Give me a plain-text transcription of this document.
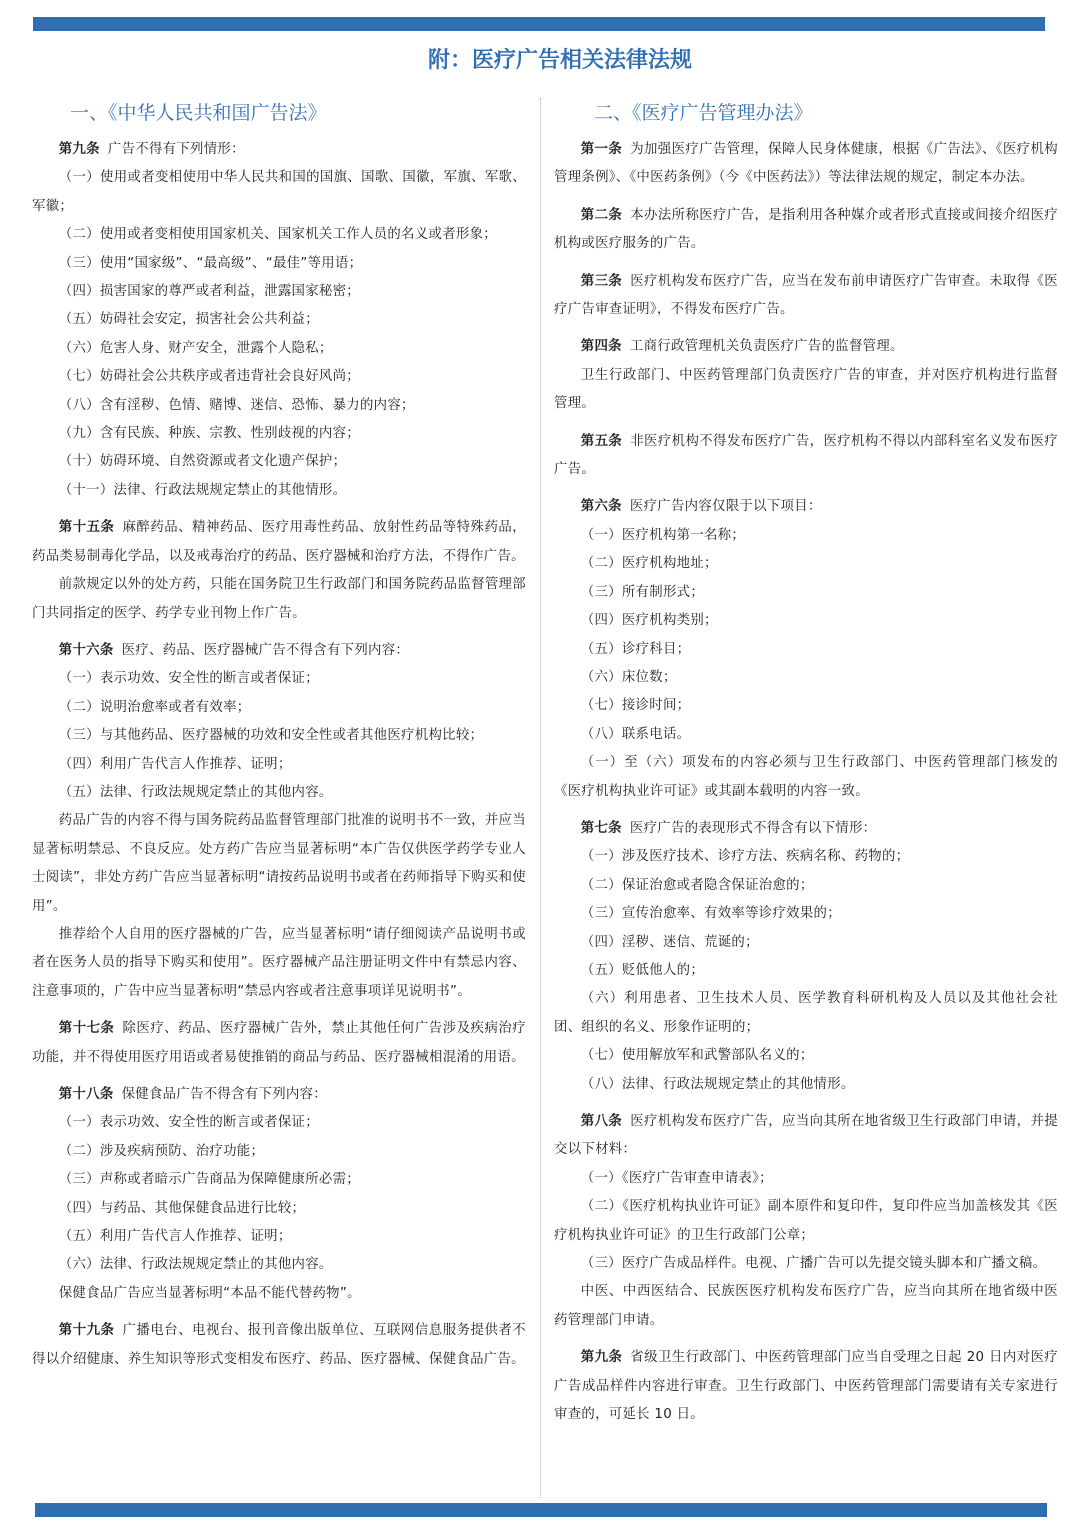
附：医疗广告相关法律法规
一、《中华人民共和国广告法》

第九条 广告不得有下列情形：

（一）使用或者变相使用中华人民共和国的国旗、国歌、国徽，军旗、军歌、军徽；

（二）使用或者变相使用国家机关、国家机关工作人员的名义或者形象；

（三）使用“国家级”、“最高级”、“最佳”等用语；

（四）损害国家的尊严或者利益，泄露国家秘密；

（五）妨碍社会安定，损害社会公共利益；

（六）危害人身、财产安全，泄露个人隐私；

（七）妨碍社会公共秩序或者违背社会良好风尚；

（八）含有淫秽、色情、赌博、迷信、恐怖、暴力的内容；

（九）含有民族、种族、宗教、性别歧视的内容；

（十）妨碍环境、自然资源或者文化遗产保护；

（十一）法律、行政法规规定禁止的其他情形。

第十五条 麻醉药品、精神药品、医疗用毒性药品、放射性药品等特殊药品，药品类易制毒化学品，以及戒毒治疗的药品、医疗器械和治疗方法，不得作广告。

前款规定以外的处方药，只能在国务院卫生行政部门和国务院药品监督管理部门共同指定的医学、药学专业刊物上作广告。

第十六条 医疗、药品、医疗器械广告不得含有下列内容：

（一）表示功效、安全性的断言或者保证；

（二）说明治愈率或者有效率；

（三）与其他药品、医疗器械的功效和安全性或者其他医疗机构比较；

（四）利用广告代言人作推荐、证明；

（五）法律、行政法规规定禁止的其他内容。

药品广告的内容不得与国务院药品监督管理部门批准的说明书不一致，并应当显著标明禁忌、不良反应。处方药广告应当显著标明“本广告仅供医学药学专业人士阅读”，非处方药广告应当显著标明“请按药品说明书或者在药师指导下购买和使用”。

推荐给个人自用的医疗器械的广告，应当显著标明“请仔细阅读产品说明书或者在医务人员的指导下购买和使用”。医疗器械产品注册证明文件中有禁忌内容、注意事项的，广告中应当显著标明“禁忌内容或者注意事项详见说明书”。

第十七条 除医疗、药品、医疗器械广告外，禁止其他任何广告涉及疾病治疗功能，并不得使用医疗用语或者易使推销的商品与药品、医疗器械相混淆的用语。

第十八条 保健食品广告不得含有下列内容：

（一）表示功效、安全性的断言或者保证；

（二）涉及疾病预防、治疗功能；

（三）声称或者暗示广告商品为保障健康所必需；

（四）与药品、其他保健食品进行比较；

（五）利用广告代言人作推荐、证明；

（六）法律、行政法规规定禁止的其他内容。

保健食品广告应当显著标明“本品不能代替药物”。

第十九条 广播电台、电视台、报刊音像出版单位、互联网信息服务提供者不得以介绍健康、养生知识等形式变相发布医疗、药品、医疗器械、保健食品广告。

二、《医疗广告管理办法》

第一条 为加强医疗广告管理，保障人民身体健康，根据《广告法》、《医疗机构管理条例》、《中医药条例》（今《中医药法》）等法律法规的规定，制定本办法。

第二条 本办法所称医疗广告，是指利用各种媒介或者形式直接或间接介绍医疗机构或医疗服务的广告。

第三条 医疗机构发布医疗广告，应当在发布前申请医疗广告审查。未取得《医疗广告审查证明》，不得发布医疗广告。

第四条 工商行政管理机关负责医疗广告的监督管理。

卫生行政部门、中医药管理部门负责医疗广告的审查，并对医疗机构进行监督管理。

第五条 非医疗机构不得发布医疗广告，医疗机构不得以内部科室名义发布医疗广告。

第六条 医疗广告内容仅限于以下项目：

（一）医疗机构第一名称；

（二）医疗机构地址；

（三）所有制形式；

（四）医疗机构类别；

（五）诊疗科目；

（六）床位数；

（七）接诊时间；

（八）联系电话。

（一）至（六）项发布的内容必须与卫生行政部门、中医药管理部门核发的《医疗机构执业许可证》或其副本载明的内容一致。

第七条 医疗广告的表现形式不得含有以下情形：

（一）涉及医疗技术、诊疗方法、疾病名称、药物的；

（二）保证治愈或者隐含保证治愈的；

（三）宣传治愈率、有效率等诊疗效果的；

（四）淫秽、迷信、荒诞的；

（五）贬低他人的；

（六）利用患者、卫生技术人员、医学教育科研机构及人员以及其他社会社团、组织的名义、形象作证明的；

（七）使用解放军和武警部队名义的；

（八）法律、行政法规规定禁止的其他情形。

第八条 医疗机构发布医疗广告，应当向其所在地省级卫生行政部门申请，并提交以下材料：

（一）《医疗广告审查申请表》；

（二）《医疗机构执业许可证》副本原件和复印件，复印件应当加盖核发其《医疗机构执业许可证》的卫生行政部门公章；

（三）医疗广告成品样件。电视、广播广告可以先提交镜头脚本和广播文稿。

中医、中西医结合、民族医医疗机构发布医疗广告，应当向其所在地省级中医药管理部门申请。

第九条 省级卫生行政部门、中医药管理部门应当自受理之日起 20 日内对医疗广告成品样件内容进行审查。卫生行政部门、中医药管理部门需要请有关专家进行审查的，可延长 10 日。
